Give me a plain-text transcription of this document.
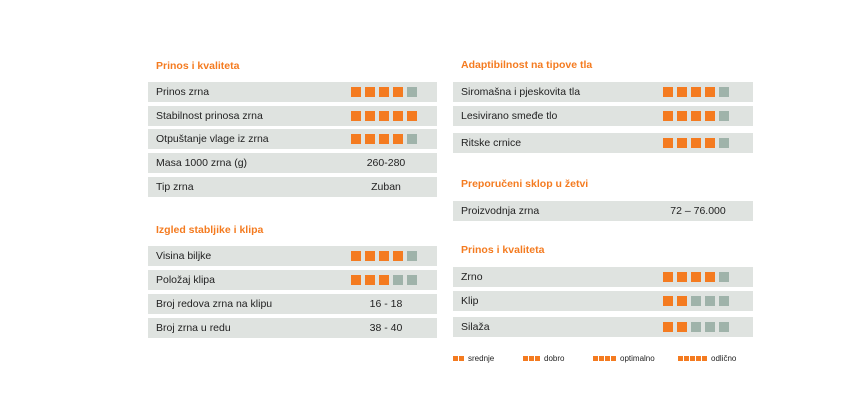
Prinos i kvaliteta
Prinos zrna
Stabilnost prinosa zrna
Otpuštanje vlage iz zrna
Masa 1000 zrna (g)	260-280
Tip zrna	Zuban
Izgled stabljike i klipa
Visina biljke
Položaj klipa
Broj redova zrna na klipu	16 - 18
Broj zrna u redu	38 - 40
Adaptibilnost na tipove tla
Siromašna i pjeskovita tla
Lesivirano smeđe tlo
Ritske crnice
Preporučeni sklop u žetvi
Proizvodnja zrna	72 – 76.000
Prinos i kvaliteta
Zrno
Klip
Silaža
srednje	dobro	optimalno	odlično
